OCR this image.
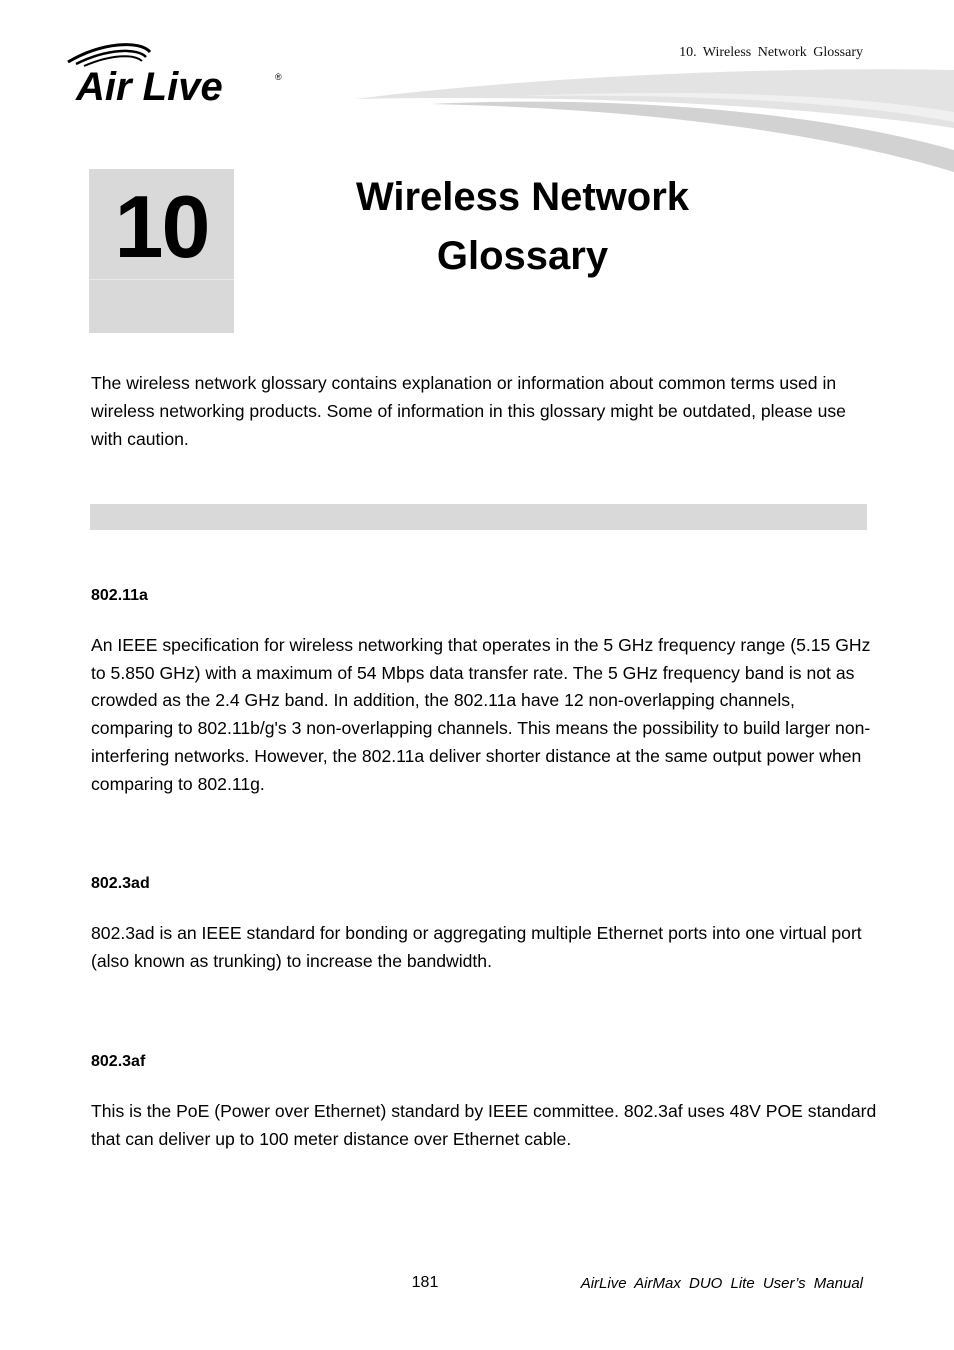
Air Live	®
10. Wireless Network Glossary
10	Wireless Network
Glossary

The wireless network glossary contains explanation or information about common terms used in wireless networking products. Some of information in this glossary might be outdated, please use with caution.

802.11a

An IEEE specification for wireless networking that operates in the 5 GHz frequency range (5.15 GHz to 5.850 GHz) with a maximum of 54 Mbps data transfer rate. The 5 GHz frequency band is not as crowded as the 2.4 GHz band. In addition, the 802.11a have 12 non-overlapping channels, comparing to 802.11b/g's 3 non-overlapping channels. This means the possibility to build larger non-interfering networks. However, the 802.11a deliver shorter distance at the same output power when comparing to 802.11g.

802.3ad

802.3ad is an IEEE standard for bonding or aggregating multiple Ethernet ports into one virtual port (also known as trunking) to increase the bandwidth.

802.3af

This is the PoE (Power over Ethernet) standard by IEEE committee. 802.3af uses 48V POE standard that can deliver up to 100 meter distance over Ethernet cable.

181	AirLive AirMax DUO Lite User’s Manual
